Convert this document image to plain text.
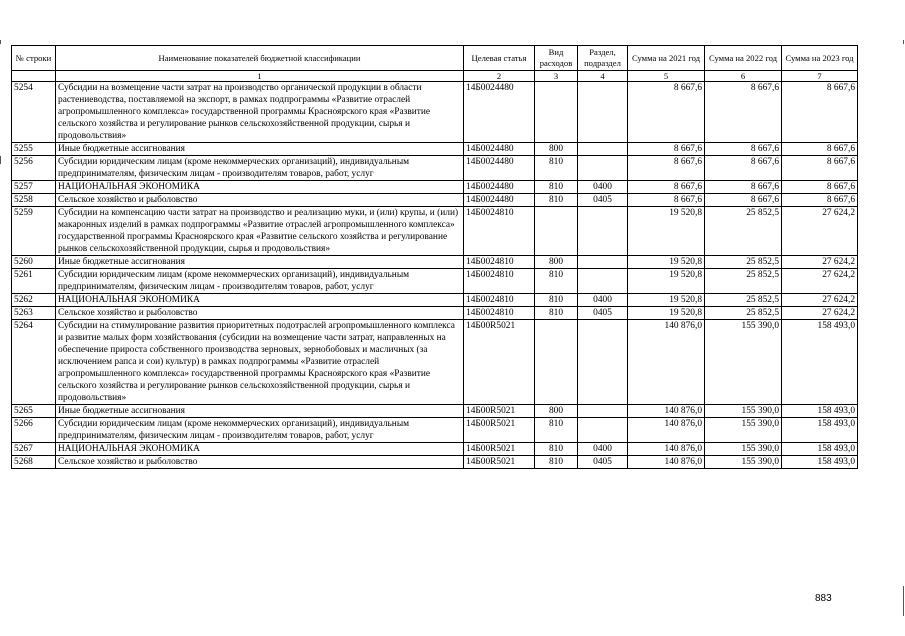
№ строки	Наименование показателей бюджетной классификации	Целевая статья	Вид расходов	Раздел, подраздел	Сумма на 2021 год	Сумма на 2022 год	Сумма на 2023 год
	1	2	3	4	5	6	7
5254	Субсидии на возмещение части затрат на производство органической продукции в области растениеводства, поставляемой на экспорт, в рамках подпрограммы «Развитие отраслей агропромышленного комплекса» государственной программы Красноярского края «Развитие сельского хозяйства и регулирование рынков сельскохозяйственной продукции, сырья и продовольствия»	14Б0024480			8 667,6	8 667,6	8 667,6
5255	Иные бюджетные ассигнования	14Б0024480	800		8 667,6	8 667,6	8 667,6
5256	Субсидии юридическим лицам (кроме некоммерческих организаций), индивидуальным предпринимателям, физическим лицам - производителям товаров, работ, услуг	14Б0024480	810		8 667,6	8 667,6	8 667,6
5257	НАЦИОНАЛЬНАЯ ЭКОНОМИКА	14Б0024480	810	0400	8 667,6	8 667,6	8 667,6
5258	Сельское хозяйство и рыболовство	14Б0024480	810	0405	8 667,6	8 667,6	8 667,6
5259	Субсидии на компенсацию части затрат на производство и реализацию муки, и (или) крупы, и (или) макаронных изделий в рамках подпрограммы «Развитие отраслей агропромышленного комплекса» государственной программы Красноярского края «Развитие сельского хозяйства и регулирование рынков сельскохозяйственной продукции, сырья и продовольствия»	14Б0024810			19 520,8	25 852,5	27 624,2
5260	Иные бюджетные ассигнования	14Б0024810	800		19 520,8	25 852,5	27 624,2
5261	Субсидии юридическим лицам (кроме некоммерческих организаций), индивидуальным предпринимателям, физическим лицам - производителям товаров, работ, услуг	14Б0024810	810		19 520,8	25 852,5	27 624,2
5262	НАЦИОНАЛЬНАЯ ЭКОНОМИКА	14Б0024810	810	0400	19 520,8	25 852,5	27 624,2
5263	Сельское хозяйство и рыболовство	14Б0024810	810	0405	19 520,8	25 852,5	27 624,2
5264	Субсидии на стимулирование развития приоритетных подотраслей агропромышленного комплекса и развитие малых форм хозяйствования (субсидии на возмещение части затрат, направленных на обеспечение прироста собственного производства зерновых, зернобобовых и масличных (за исключением рапса и сои) культур) в рамках подпрограммы «Развитие отраслей агропромышленного комплекса» государственной программы Красноярского края «Развитие сельского хозяйства и регулирование рынков сельскохозяйственной продукции, сырья и продовольствия»	14Б00R5021			140 876,0	155 390,0	158 493,0
5265	Иные бюджетные ассигнования	14Б00R5021	800		140 876,0	155 390,0	158 493,0
5266	Субсидии юридическим лицам (кроме некоммерческих организаций), индивидуальным предпринимателям, физическим лицам - производителям товаров, работ, услуг	14Б00R5021	810		140 876,0	155 390,0	158 493,0
5267	НАЦИОНАЛЬНАЯ ЭКОНОМИКА	14Б00R5021	810	0400	140 876,0	155 390,0	158 493,0
5268	Сельское хозяйство и рыболовство	14Б00R5021	810	0405	140 876,0	155 390,0	158 493,0
883
